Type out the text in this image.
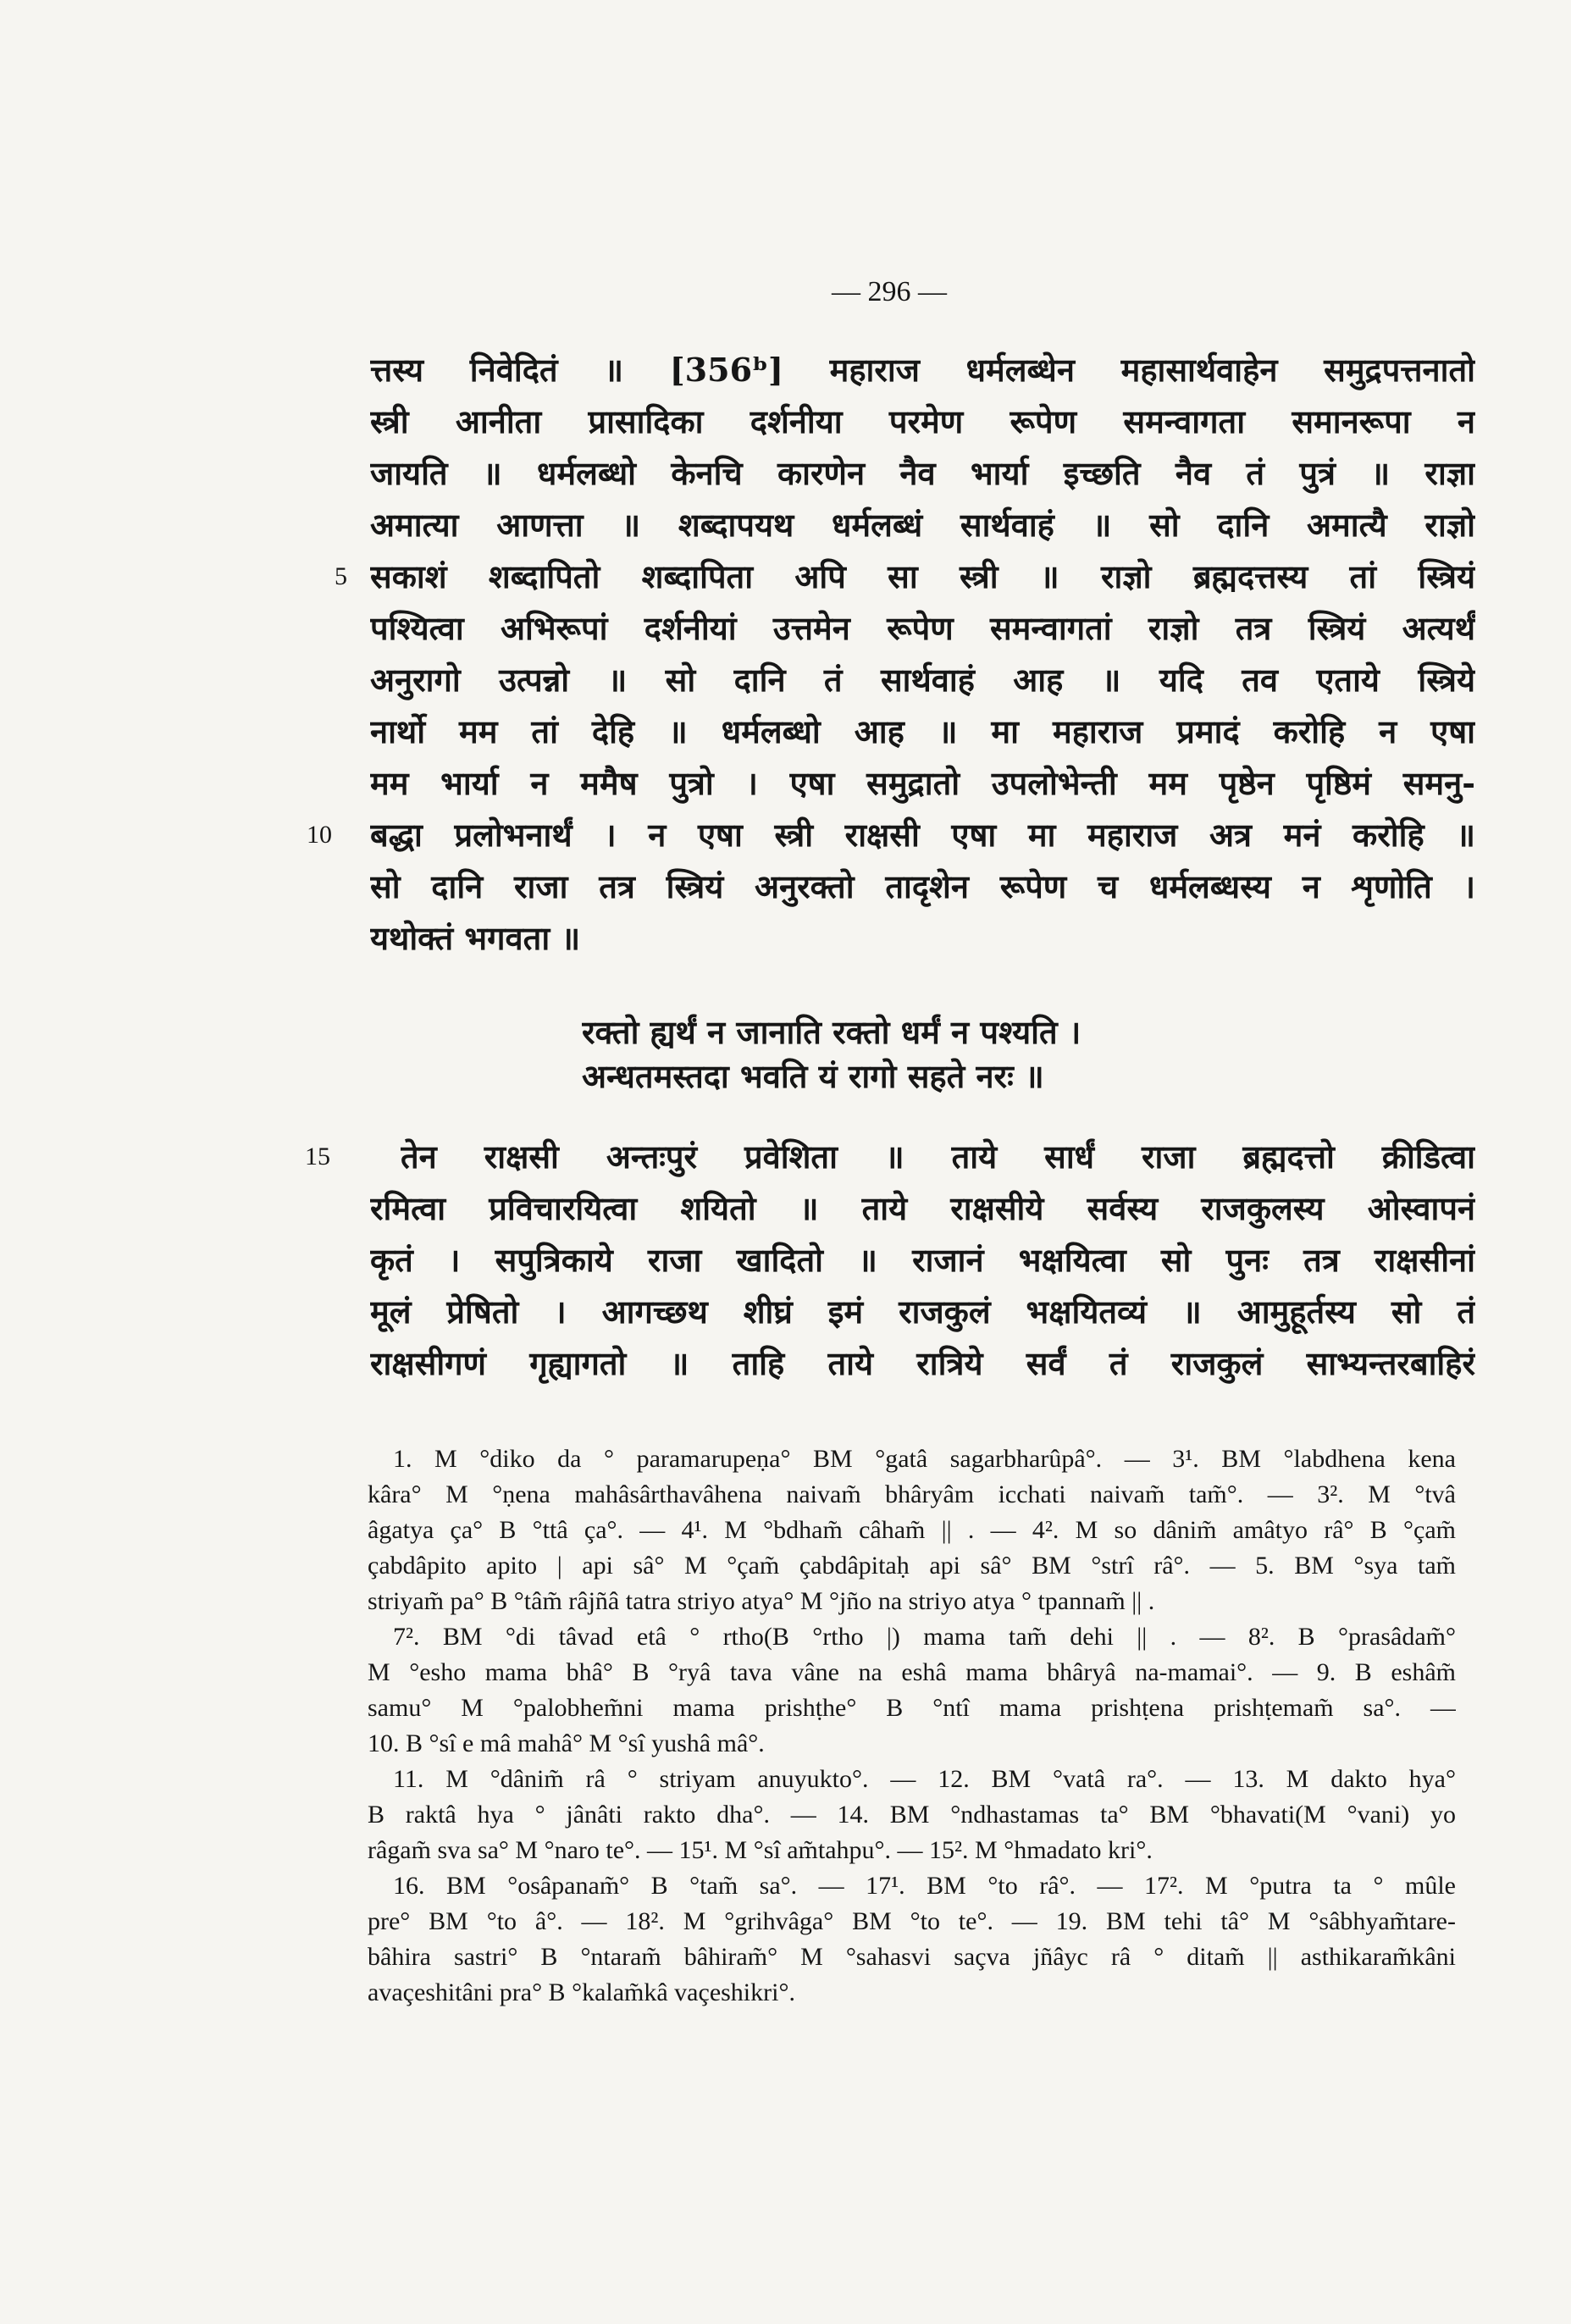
— 296 —
5
10
15
त्तस्य निवेदितं ॥ [356ᵇ] महाराज धर्मलब्धेन महासार्थवाहेन समुद्रपत्तनातो
स्त्री आनीता प्रासादिका दर्शनीया परमेण रूपेण समन्वागता समानरूपा न
जायति ॥ धर्मलब्धो केनचि कारणेन नैव भार्या इच्छति नैव तं पुत्रं ॥ राज्ञा
अमात्या आणत्ता ॥ शब्दापयथ धर्मलब्धं सार्थवाहं ॥ सो दानि अमात्यै राज्ञो
सकाशं शब्दापितो शब्दापिता अपि सा स्त्री ॥ राज्ञो ब्रह्मदत्तस्य तां स्त्रियं
पश्यित्वा अभिरूपां दर्शनीयां उत्तमेन रूपेण समन्वागतां राज्ञो तत्र स्त्रियं अत्यर्थं
अनुरागो उत्पन्नो ॥ सो दानि तं सार्थवाहं आह ॥ यदि तव एताये स्त्रिये
नार्थो मम तां देहि ॥ धर्मलब्धो आह ॥ मा महाराज प्रमादं करोहि न एषा
मम भार्या न ममैष पुत्रो । एषा समुद्रातो उपलोभेन्ती मम पृष्ठेन पृष्ठिमं समनु-
बद्धा प्रलोभनार्थं । न एषा स्त्री राक्षसी एषा मा महाराज अत्र मनं करोहि ॥
सो दानि राजा तत्र स्त्रियं अनुरक्तो तादृशेन रूपेण च धर्मलब्धस्य न शृणोति ।
यथोक्तं भगवता ॥
रक्तो ह्यर्थं न जानाति रक्तो धर्मं न पश्यति ।
अन्धतमस्तदा भवति यं रागो सहते नरः ॥
तेन राक्षसी अन्तःपुरं प्रवेशिता ॥ ताये सार्धं राजा ब्रह्मदत्तो क्रीडित्वा
रमित्वा प्रविचारयित्वा शयितो ॥ ताये राक्षसीये सर्वस्य राजकुलस्य ओस्वापनं
कृतं । सपुत्रिकाये राजा खादितो ॥ राजानं भक्षयित्वा सो पुनः तत्र राक्षसीनां
मूलं प्रेषितो । आगच्छथ शीघ्रं इमं राजकुलं भक्षयितव्यं ॥ आमुहूर्तस्य सो तं
राक्षसीगणं गृह्यागतो ॥ ताहि ताये रात्रिये सर्वं तं राजकुलं साभ्यन्तरबाहिरं
1. M °diko da ° paramarupeṇa° BM °gatâ sagarbharûpâ°. — 3¹. BM °labdhena kena
kâra° M °ṇena mahâsârthavâhena naivam̃ bhâryâm icchati naivam̃ tam̃°. — 3². M °tvâ
âgatya ça° B °ttâ ça°. — 4¹. M °bdham̃ câham̃ || . — 4². M so dânim̃ amâtyo râ° B °çam̃
çabdâpito apito | api sâ° M °çam̃ çabdâpitaḥ api sâ° BM °strî râ°. — 5. BM °sya tam̃
striyam̃ pa° B °tâm̃ râjñâ tatra striyo atya° M °jño na striyo atya ° tpannam̃ || .
7². BM °di tâvad etâ ° rtho(B °rtho |) mama tam̃ dehi || . — 8². B °prasâdam̃°
M °esho mama bhâ° B °ryâ tava vâne na eshâ mama bhâryâ na-mamai°. — 9. B eshâm̃
samu° M °palobhem̃ni mama prishṭhe° B °ntî mama prishṭena prishṭemam̃ sa°. —
10. B °sî e mâ mahâ° M °sî yushâ mâ°.
11. M °dânim̃ râ ° striyam anuyukto°. — 12. BM °vatâ ra°. — 13. M dakto hya°
B raktâ hya ° jânâti rakto dha°. — 14. BM °ndhastamas ta° BM °bhavati(M °vani) yo
râgam̃ sva sa° M °naro te°. — 15¹. M °sî am̃tahpu°. — 15². M °hmadato kri°.
16. BM °osâpanam̃° B °tam̃ sa°. — 17¹. BM °to râ°. — 17². M °putra ta ° mûle
pre° BM °to â°. — 18². M °grihvâga° BM °to te°. — 19. BM tehi tâ° M °sâbhyam̃tare-
bâhira sastri° B °ntaram̃ bâhiram̃° M °sahasvi saçva jñâyc râ ° ditam̃ || asthikaram̃kâni
avaçeshitâni pra° B °kalam̃kâ vaçeshikri°.
